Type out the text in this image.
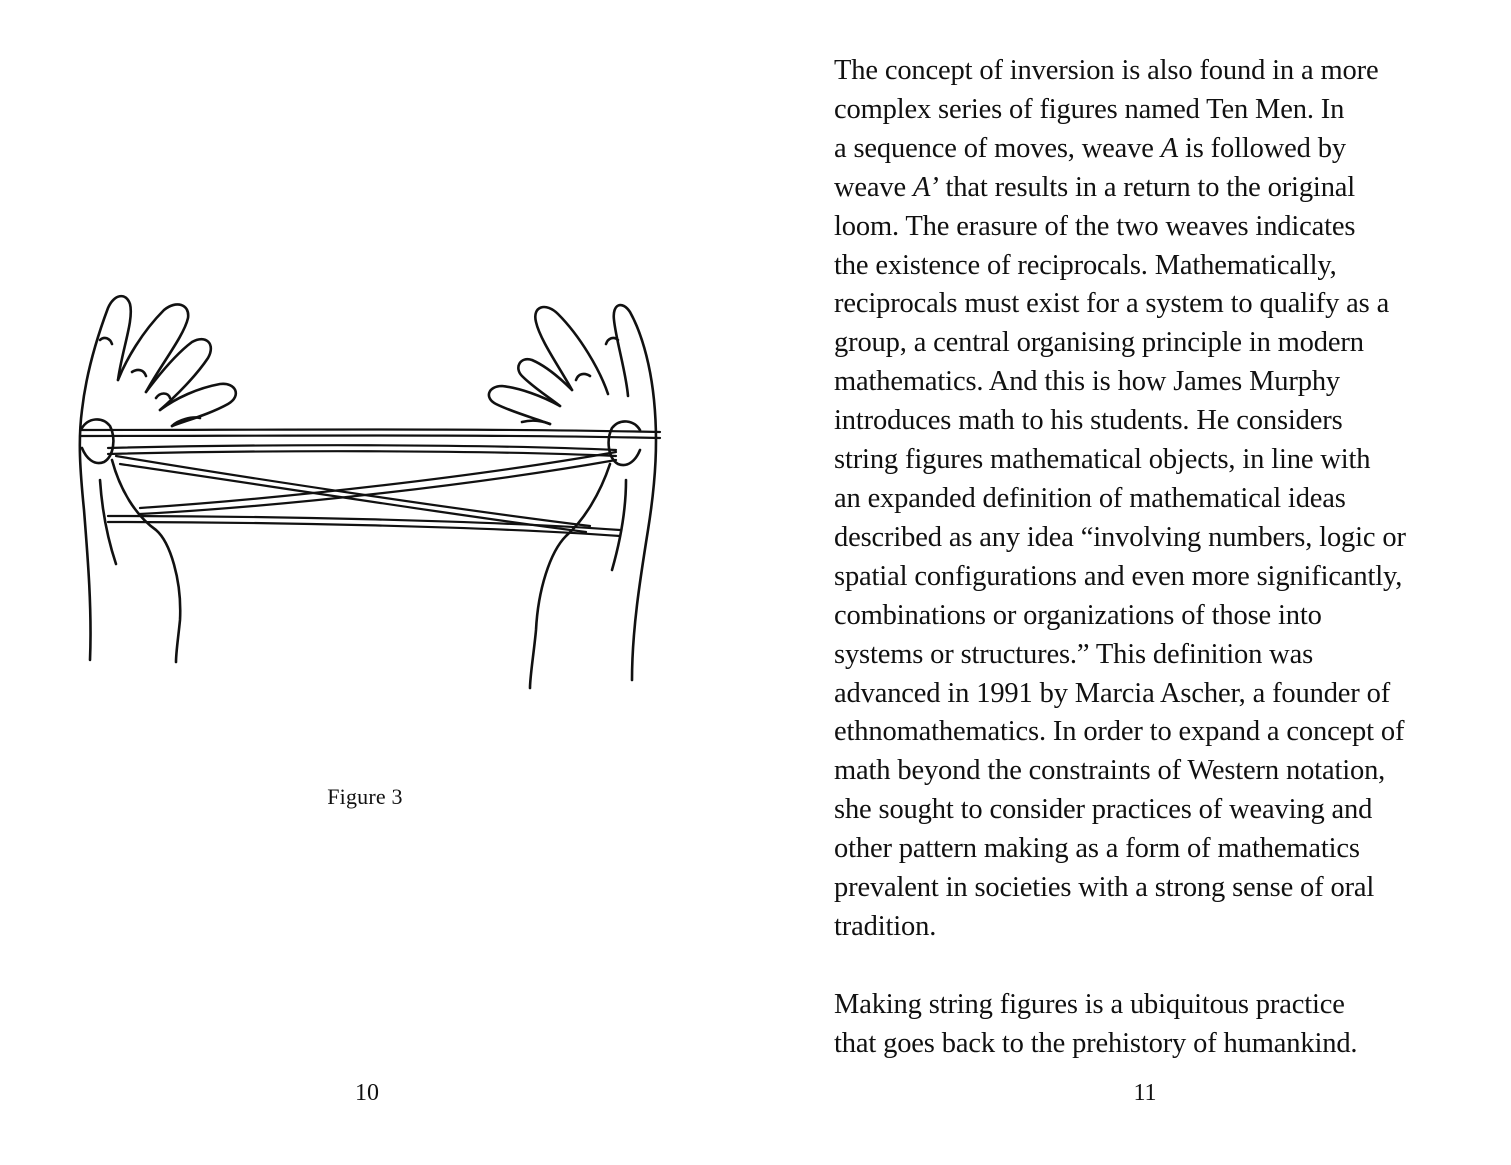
Figure 3
10
The concept of inversion is also found in a more
complex series of figures named Ten Men. In
a sequence of moves, weave A is followed by
weave A’ that results in a return to the original
loom. The erasure of the two weaves indicates
the existence of reciprocals. Mathematically,
reciprocals must exist for a system to qualify as a
group, a central organising principle in modern
mathematics. And this is how James Murphy
introduces math to his students. He considers
string figures mathematical objects, in line with
an expanded definition of mathematical ideas
described as any idea “involving numbers, logic or
spatial configurations and even more significantly,
combinations or organizations of those into
systems or structures.” This definition was
advanced in 1991 by Marcia Ascher, a founder of
ethnomathematics. In order to expand a concept of
math beyond the constraints of Western notation,
she sought to consider practices of weaving and
other pattern making as a form of mathematics
prevalent in societies with a strong sense of oral
tradition.
Making string figures is a ubiquitous practice
that goes back to the prehistory of humankind.
11
